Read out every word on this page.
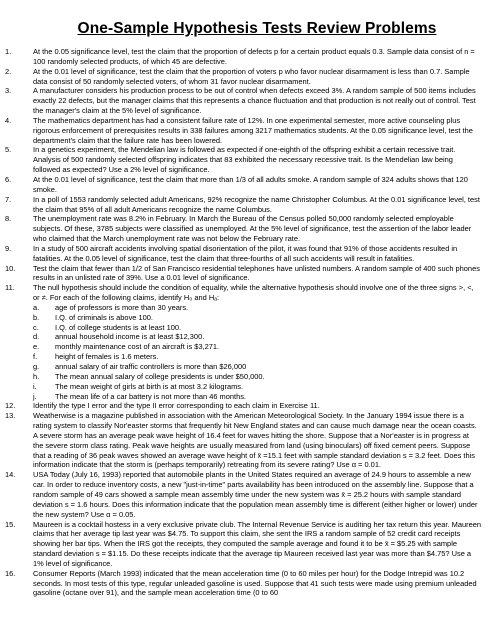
One-Sample Hypothesis Tests Review Problems
1.	At the 0.05 significance level, test the claim that the proportion of defects p for a certain product equals 0.3. Sample data consist of n = 100 randomly selected products, of which 45 are defective.
2.	At the 0.01 level of significance, test the claim that the proportion of voters p who favor nuclear disarmament is less than 0.7. Sample data consist of 50 randomly selected voters, of whom 31 favor nuclear disarmament.
3.	A manufacturer considers his production process to be out of control when defects exceed 3%. A random sample of 500 items includes exactly 22 defects, but the manager claims that this represents a chance fluctuation and that production is not really out of control. Test the manager's claim at the 5% level of significance.
4.	The mathematics department has had a consistent failure rate of 12%. In one experimental semester, more active counseling plus rigorous enforcement of prerequisites results in 338 failures among 3217 mathematics students. At the 0.05 significance level, test the department's claim that the failure rate has been lowered.
5.	In a genetics experiment, the Mendelian law is followed as expected if one-eighth of the offspring exhibit a certain recessive trait. Analysis of 500 randomly selected offspring indicates that 83 exhibited the necessary recessive trait. Is the Mendelian law being followed as expected? Use a 2% level of significance.
6.	At the 0.01 level of significance, test the claim that more than 1/3 of all adults smoke. A random sample of 324 adults shows that 120 smoke.
7.	In a poll of 1553 randomly selected adult Americans, 92% recognize the name Christopher Columbus. At the 0.01 significance level, test the claim that 95% of all adult Americans recognize the name Columbus.
8.	The unemployment rate was 8.2% in February. In March the Bureau of the Census polled 50,000 randomly selected employable subjects. Of these, 3785 subjects were classified as unemployed. At the 5% level of significance, test the assertion of the labor leader who claimed that the March unemployment rate was not below the February rate.
9.	In a study of 500 aircraft accidents involving spatial disorientation of the pilot, it was found that 91% of those accidents resulted in fatalities. At the 0.05 level of significance, test the claim that three-fourths of all such accidents will result in fatalities.
10. Test the claim that fewer than 1/2 of San Francisco residential telephones have unlisted numbers. A random sample of 400 such phones results in an unlisted rate of 39%. Use a 0.01 level of significance.
11. The null hypothesis should include the condition of equality, while the alternative hypothesis should involve one of the three signs >, <, or ≠. For each of the following claims, identify H₀ and Hₐ:
a. age of professors is more than 30 years.
b. I.Q. of criminals is above 100.
c. I.Q. of college students is at least 100.
d. annual household income is at least $12,300.
e. monthly maintenance cost of an aircraft is $3,271.
f. height of females is 1.6 meters.
g. annual salary of air traffic controllers is more than $26,000
h. The mean annual salary of college presidents is under $50,000.
i. The mean weight of girls at birth is at most 3.2 kilograms.
j. The mean life of a car battery is not more than 46 months.
12. Identify the type I error and the type II error corresponding to each claim in Exercise 11.
13. Weatherwise is a magazine published in association with the American Meteorological Society. In the January 1994 issue there is a rating system to classify Nor'easter storms that frequently hit New England states and can cause much damage near the ocean coasts. A severe storm has an average peak wave height of 16.4 feet for waves hitting the shore. Suppose that a Nor'easter is in progress at the severe storm class rating. Peak wave heights are usually measured from land (using binoculars) off fixed cement peers. Suppose that a reading of 36 peak waves showed an average wave height of x̄ =15.1 feet with sample standard deviation s = 3.2 feet. Does this information indicate that the storm is (perhaps temporarily) retreating from its severe rating? Use α = 0.01.
14. USA Today (July 16, 1993) reported that automobile plants in the United States required an average of 24.9 hours to assemble a new car. In order to reduce inventory costs, a new "just-in-time" parts availability has been introduced on the assembly line. Suppose that a random sample of 49 cars showed a sample mean assembly time under the new system was x̄ = 25.2 hours with sample standard deviation s = 1.6 hours. Does this information indicate that the population mean assembly time is different (either higher or lower) under the new system? Use α = 0.05.
15. Maureen is a cocktail hostess in a very exclusive private club. The Internal Revenue Service is auditing her tax return this year. Maureen claims that her average tip last year was $4.75. To support this claim, she sent the IRS a random sample of 52 credit card receipts showing her bar tips. When the IRS got the receipts, they computed the sample average and found it to be x̄ = $5.25 with sample standard deviation s = $1.15. Do these receipts indicate that the average tip Maureen received last year was more than $4.75? Use a 1% level of significance.
16. Consumer Reports (March 1993) indicated that the mean acceleration time (0 to 60 miles per hour) for the Dodge Intrepid was 10.2 seconds. In most tests of this type, regular unleaded gasoline is used. Suppose that 41 such tests were made using premium unleaded gasoline (octane over 91), and the sample mean acceleration time (0 to 60
